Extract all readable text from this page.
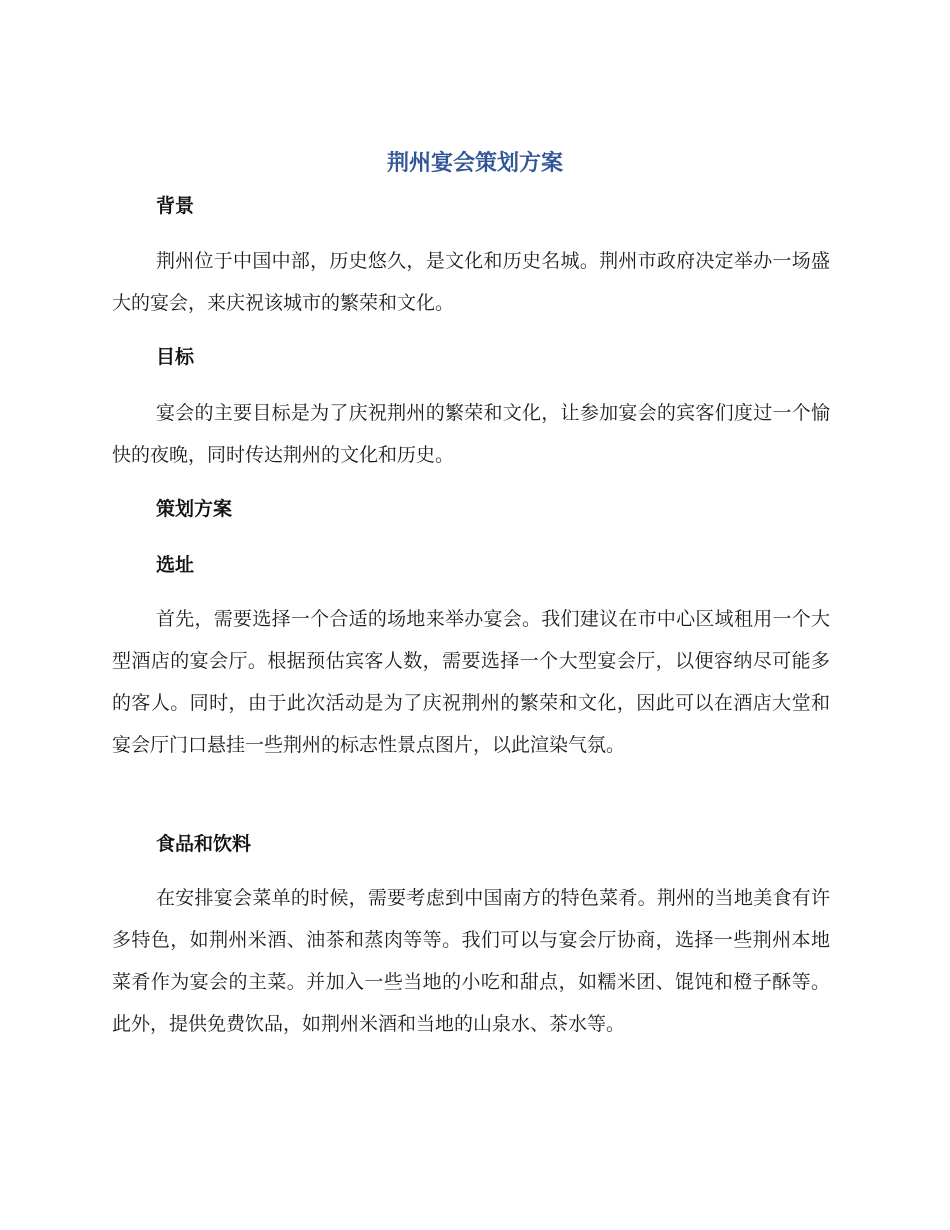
荆州宴会策划方案
背景

荆州位于中国中部，历史悠久，是文化和历史名城。荆州市政府决定举办一场盛大的宴会，来庆祝该城市的繁荣和文化。

目标

宴会的主要目标是为了庆祝荆州的繁荣和文化，让参加宴会的宾客们度过一个愉快的夜晚，同时传达荆州的文化和历史。

策划方案
选址

首先，需要选择一个合适的场地来举办宴会。我们建议在市中心区域租用一个大型酒店的宴会厅。根据预估宾客人数，需要选择一个大型宴会厅，以便容纳尽可能多的客人。同时，由于此次活动是为了庆祝荆州的繁荣和文化，因此可以在酒店大堂和宴会厅门口悬挂一些荆州的标志性景点图片，以此渲染气氛。

食品和饮料

在安排宴会菜单的时候，需要考虑到中国南方的特色菜肴。荆州的当地美食有许多特色，如荆州米酒、油茶和蒸肉等等。我们可以与宴会厅协商，选择一些荆州本地菜肴作为宴会的主菜。并加入一些当地的小吃和甜点，如糯米团、馄饨和橙子酥等。此外，提供免费饮品，如荆州米酒和当地的山泉水、茶水等。
